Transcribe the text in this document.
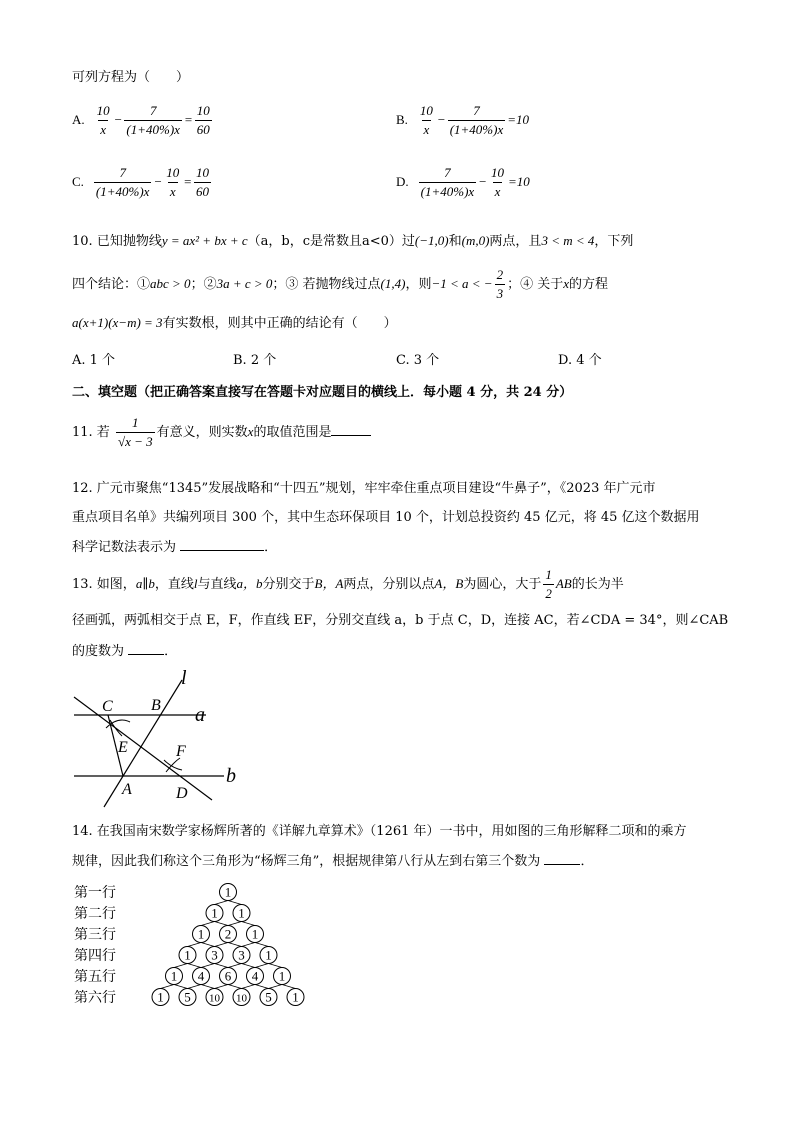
可列方程为（　　）
A. $\frac{10}{x} - \frac{7}{(1+40\%)x} = \frac{10}{60}$	B. $\frac{10}{x} - \frac{7}{(1+40\%)x} =10$
C. $\frac{7}{(1+40\%)x} - \frac{10}{x} = \frac{10}{60}$	D. $\frac{7}{(1+40\%)x} - \frac{10}{x} =10$
10. 已知抛物线y = ax² + bx + c（a，b，c是常数且a<0）过(−1,0)和(m,0)两点，且3 < m < 4，下列
四个结论：①abc > 0；②3a + c > 0；③ 若抛物线过点(1,4)，则−1 < a < − $\frac{2}{3}$ ；④ 关于x的方程
a(x+1)(x−m) = 3有实数根，则其中正确的结论有（　　）
A. 1 个	B. 2 个	C. 3 个	D. 4 个
二、填空题（把正确答案直接写在答题卡对应题目的横线上．每小题 4 分，共 24 分）
11. 若 $\frac{1}{√x - 3}$ 有意义，则实数x的取值范围是
12. 广元市聚焦“1345”发展战略和“十四五”规划，牢牢牵住重点项目建设“牛鼻子”，《2023 年广元市
重点项目名单》共编列项目 300 个，其中生态环保项目 10 个，计划总投资约 45 亿元，将 45 亿这个数据用
科学记数法表示为	．
13. 如图，a∥b，直线l与直线a，b分别交于B，A两点，分别以点A，B为圆心，大于 $\frac{1}{2}$ AB的长为半
径画弧，两弧相交于点 E，F，作直线 EF，分别交直线 a，b 于点 C，D，连接 AC，若∠CDA = 34°，则∠CAB
的度数为	．
l
a
b
C B
E	F
A	D
14. 在我国南宋数学家杨辉所著的《详解九章算术》（1261 年）一书中，用如图的三角形解释二项和的乘方
规律，因此我们称这个三角形为“杨辉三角”，根据规律第八行从左到右第三个数为	．
第一行
第二行
第三行
第四行
第五行
第六行
1
1 1
1 2 1
1 3 3 1
1 4 6 4 1
1 5 10 10 5 1
